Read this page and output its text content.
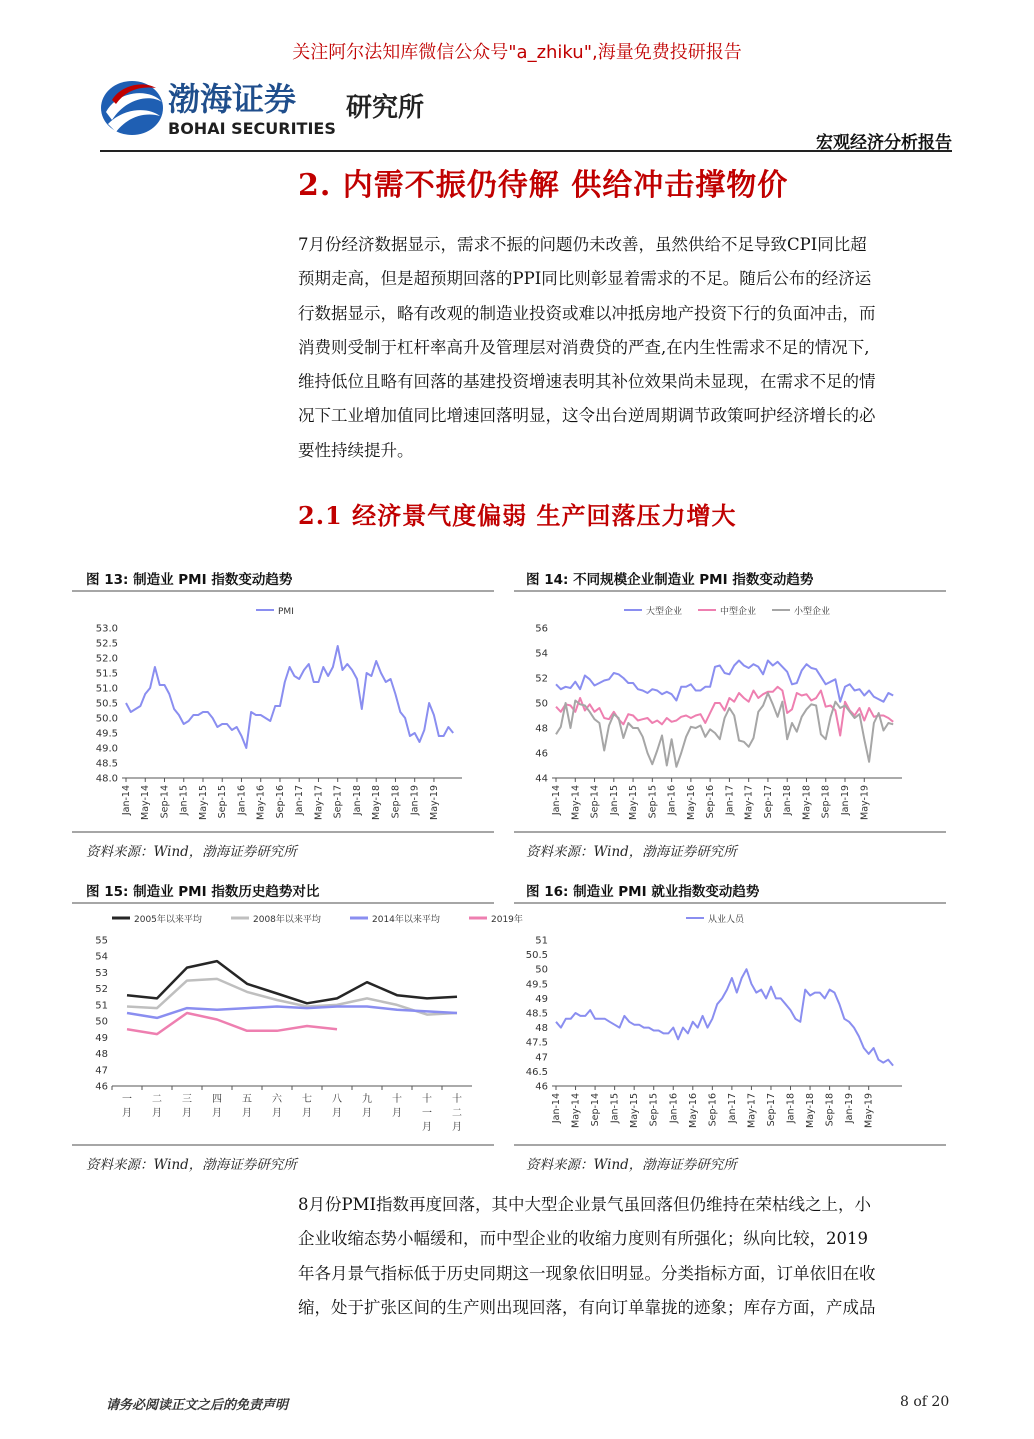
关注阿尔法知库微信公众号"a_zhiku",海量免费投研报告
渤海证券
BOHAI SECURITIES
研究所
宏观经济分析报告
2. 内需不振仍待解 供给冲击撑物价
7月份经济数据显示，需求不振的问题仍未改善，虽然供给不足导致CPI同比超
预期走高，但是超预期回落的PPI同比则彰显着需求的不足。随后公布的经济运
行数据显示，略有改观的制造业投资或难以冲抵房地产投资下行的负面冲击，而
消费则受制于杠杆率高升及管理层对消费贷的严查,在内生性需求不足的情况下,
维持低位且略有回落的基建投资增速表明其补位效果尚未显现，在需求不足的情
况下工业增加值同比增速回落明显，这令出台逆周期调节政策呵护经济增长的必
要性持续提升。
2.1 经济景气度偏弱 生产回落压力增大
图 13: 制造业 PMI 指数变动趋势
资料来源：Wind，渤海证券研究所
图 14: 不同规模企业制造业 PMI 指数变动趋势
资料来源：Wind，渤海证券研究所
图 15: 制造业 PMI 指数历史趋势对比
资料来源：Wind，渤海证券研究所
图 16: 制造业 PMI 就业指数变动趋势
资料来源：Wind，渤海证券研究所
PMI
53.0
52.5
52.0
51.5
51.0
50.5
50.0
49.5
49.0
48.5
48.0
Jan-14 May-14 Sep-14 Jan-15 May-15 Sep-15 Jan-16 May-16 Sep-16 Jan-17 May-17 Sep-17 Jan-18 May-18 Sep-18 Jan-19 May-19
大型企业	中型企业	小型企业
56
54
52
50
48
46
44
Jan-14 May-14 Sep-14 Jan-15 May-15 Sep-15 Jan-16 May-16 Sep-16 Jan-17 May-17 Sep-17 Jan-18 May-18 Sep-18 Jan-19 May-19
2005年以来平均	2008年以来平均	2014年以来平均	2019年
55
54
53
52
51
50
49
48
47
46
一
月
二
月
三
月
四
月
五
月
六
月
七
月
八
月
九
月
十
月
十
一
月
十
二
月
从业人员
51
50.5
50
49.5
49
48.5
48
47.5
47
46.5
46
Jan-14 May-14 Sep-14 Jan-15 May-15 Sep-15 Jan-16 May-16 Sep-16 Jan-17 May-17 Sep-17 Jan-18 May-18 Sep-18 Jan-19 May-19
8月份PMI指数再度回落，其中大型企业景气虽回落但仍维持在荣枯线之上，小
企业收缩态势小幅缓和，而中型企业的收缩力度则有所强化；纵向比较，2019
年各月景气指标低于历史同期这一现象依旧明显。分类指标方面，订单依旧在收
缩，处于扩张区间的生产则出现回落，有向订单靠拢的迹象；库存方面，产成品
请务必阅读正文之后的免责声明	8 of 20
